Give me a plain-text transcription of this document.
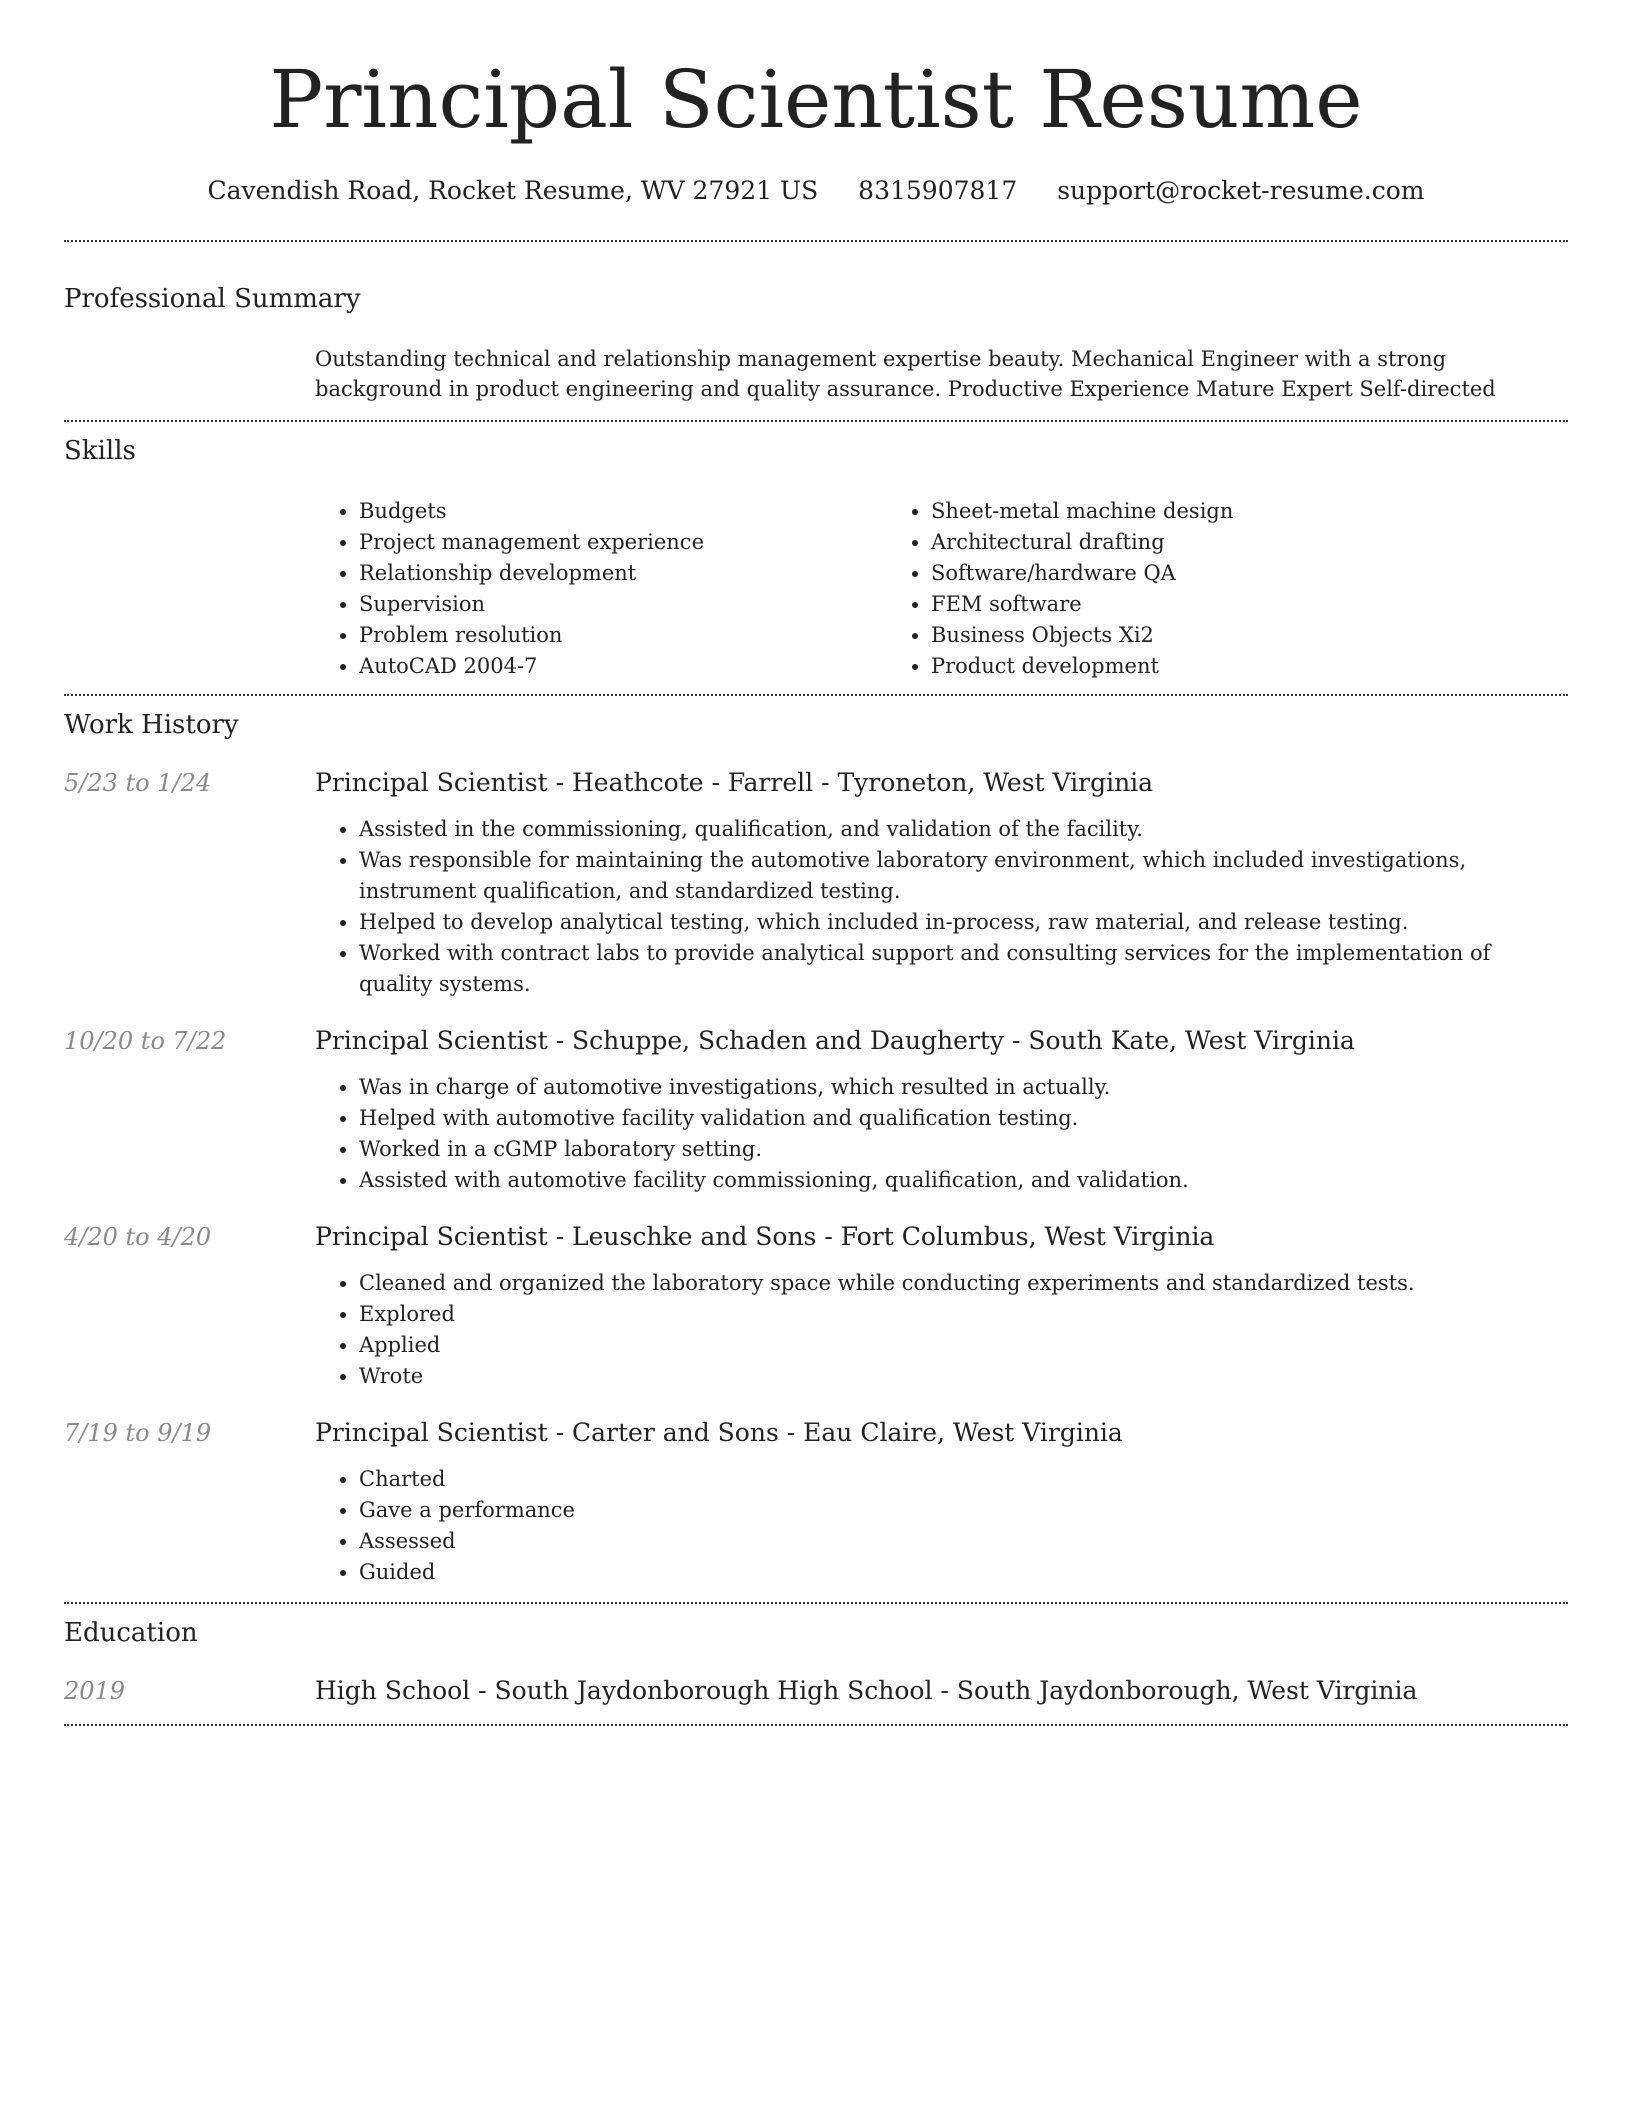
Principal Scientist Resume
Cavendish Road, Rocket Resume, WV 27921 US 8315907817 support@rocket-resume.com
Professional Summary
Outstanding technical and relationship management expertise beauty. Mechanical Engineer with a strong background in product engineering and quality assurance. Productive Experience Mature Expert Self-directed
Skills
• Budgets
• Project management experience
• Relationship development
• Supervision
• Problem resolution
• AutoCAD 2004-7
• Sheet-metal machine design
• Architectural drafting
• Software/hardware QA
• FEM software
• Business Objects Xi2
• Product development
Work History
5/23 to 1/24	Principal Scientist - Heathcote - Farrell - Tyroneton, West Virginia
• Assisted in the commissioning, qualification, and validation of the facility.
• Was responsible for maintaining the automotive laboratory environment, which included investigations, instrument qualification, and standardized testing.
• Helped to develop analytical testing, which included in-process, raw material, and release testing.
• Worked with contract labs to provide analytical support and consulting services for the implementation of quality systems.
10/20 to 7/22	Principal Scientist - Schuppe, Schaden and Daugherty - South Kate, West Virginia
• Was in charge of automotive investigations, which resulted in actually.
• Helped with automotive facility validation and qualification testing.
• Worked in a cGMP laboratory setting.
• Assisted with automotive facility commissioning, qualification, and validation.
4/20 to 4/20	Principal Scientist - Leuschke and Sons - Fort Columbus, West Virginia
• Cleaned and organized the laboratory space while conducting experiments and standardized tests.
• Explored
• Applied
• Wrote
7/19 to 9/19	Principal Scientist - Carter and Sons - Eau Claire, West Virginia
• Charted
• Gave a performance
• Assessed
• Guided
Education
2019	High School - South Jaydonborough High School - South Jaydonborough, West Virginia
